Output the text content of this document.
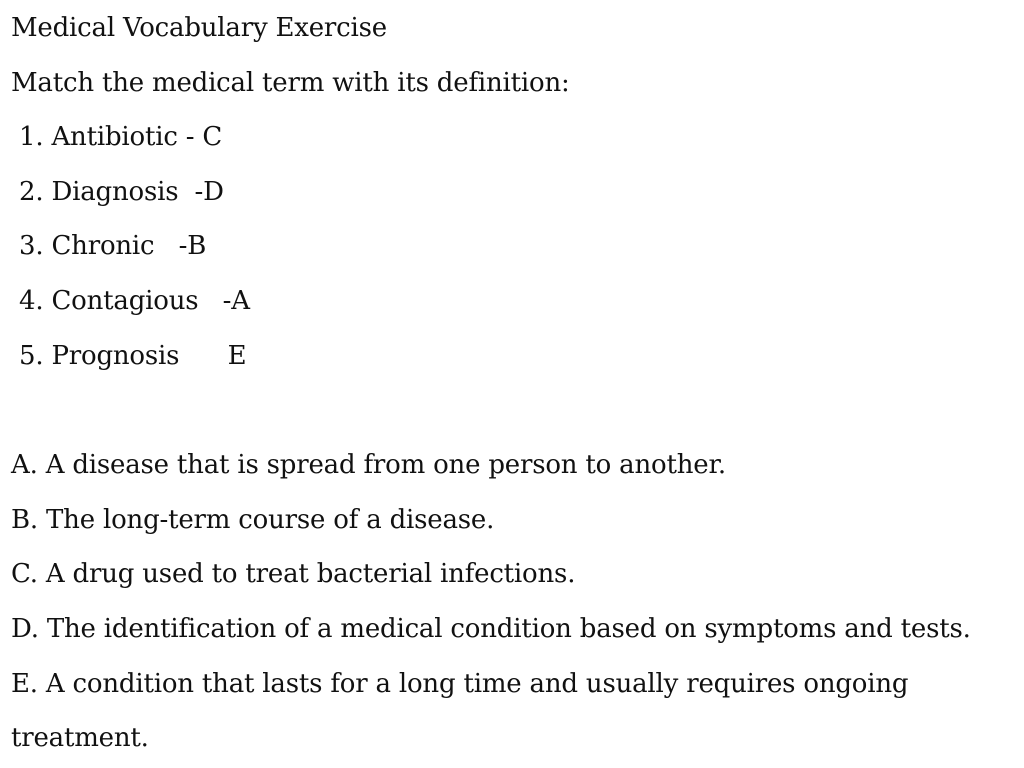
Medical Vocabulary Exercise
Match the medical term with its definition:
1. Antibiotic - C
2. Diagnosis  -D
3. Chronic   -B
4. Contagious   -A
5. Prognosis      E
A. A disease that is spread from one person to another.
B. The long-term course of a disease.
C. A drug used to treat bacterial infections.
D. The identification of a medical condition based on symptoms and tests.
E. A condition that lasts for a long time and usually requires ongoing
treatment.
